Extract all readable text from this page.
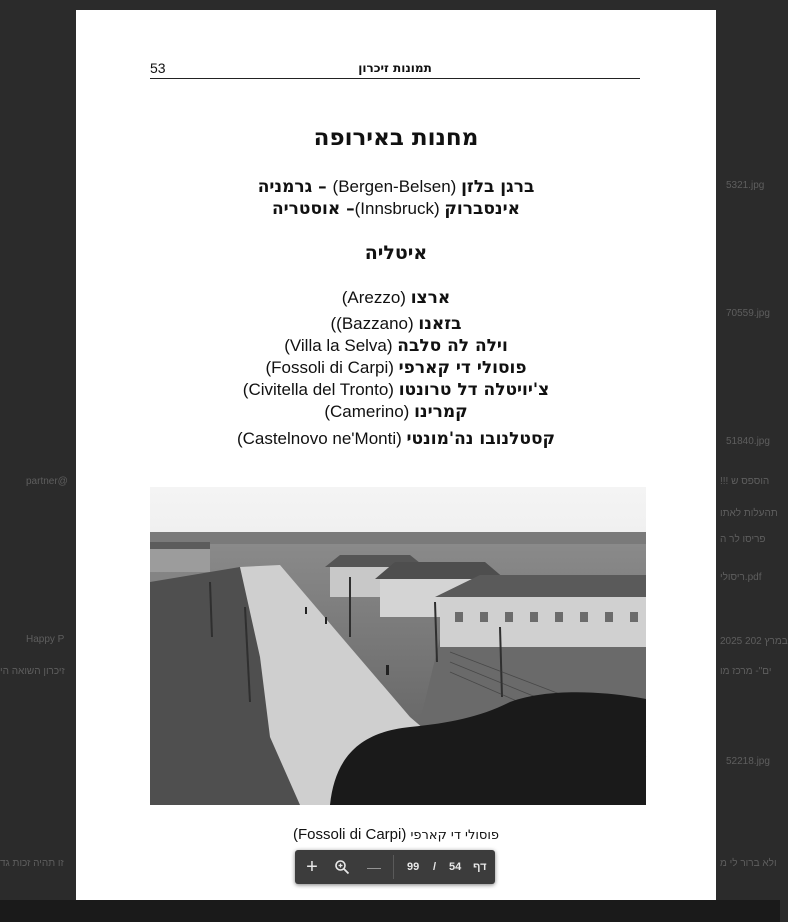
5321.jpg
70559.jpg
51840.jpg
!!! הוספס ש
תהעלות לאתו
פריסו לר ה
ריסולי.pdf
2025 במרץ 202
ים"- מרכז מו
52218.jpg
ולא ברור לי מ
partner@
Happy P
זיכרון השואה הי
זו תהיה זכות גד
53	תמונות זיכרון
מחנות באירופה
ברגן בלזן (Bergen-Belsen) – גרמניה
אינסברוק (Innsbruck)– אוסטריה
איטליה
ארצו (Arezzo)
בזאנו ((Bazzano)
וילה לה סלבה (Villa la Selva)
פוסולי די קארפי (Fossoli di Carpi)
צ'יויטלה דל טרונטו (Civitella del Tronto)
קמרינו (Camerino)
קסטלנובו נה'מונטי (Castelnovo ne'Monti)
פוסולי די קארפי (Fossoli di Carpi)
+	—	99 / 54 דף
